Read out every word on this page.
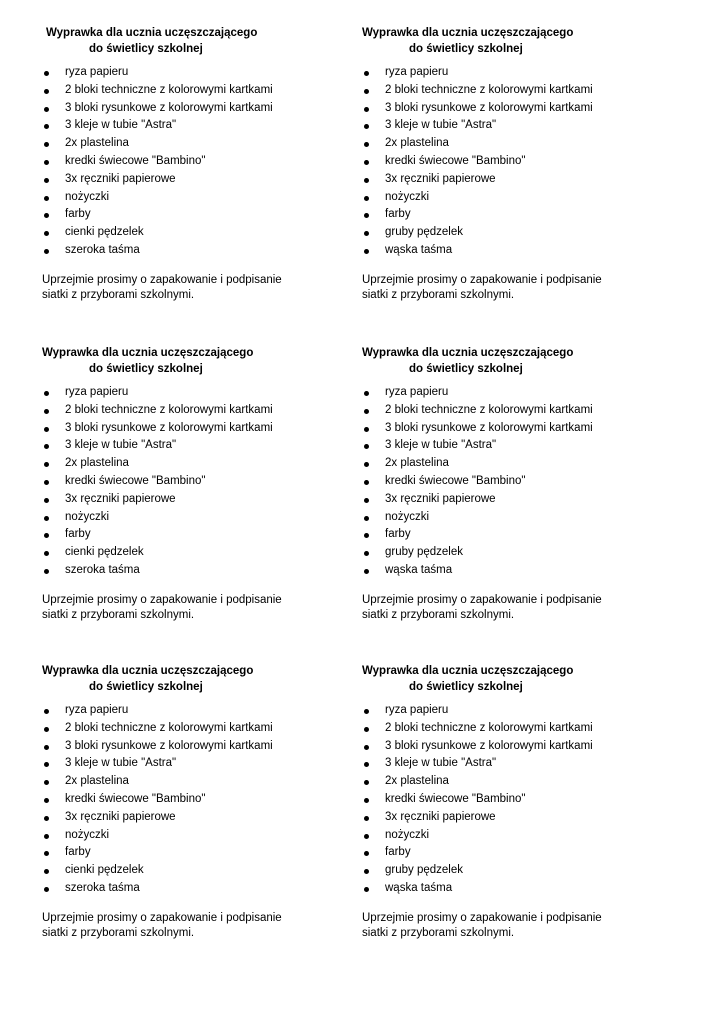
Wyprawka dla ucznia uczęszczającego
do świetlicy szkolnej

ryza papieru
2 bloki techniczne z kolorowymi kartkami
3 bloki rysunkowe z kolorowymi kartkami
3 kleje w tubie "Astra"
2x plastelina
kredki świecowe "Bambino"
3x ręczniki papierowe
nożyczki
farby
cienki pędzelek
szeroka taśma

Uprzejmie prosimy o zapakowanie i podpisanie
siatki z przyborami szkolnymi.

Wyprawka dla ucznia uczęszczającego
do świetlicy szkolnej

ryza papieru
2 bloki techniczne z kolorowymi kartkami
3 bloki rysunkowe z kolorowymi kartkami
3 kleje w tubie "Astra"
2x plastelina
kredki świecowe "Bambino"
3x ręczniki papierowe
nożyczki
farby
gruby pędzelek
wąska taśma

Uprzejmie prosimy o zapakowanie i podpisanie
siatki z przyborami szkolnymi.

Wyprawka dla ucznia uczęszczającego
do świetlicy szkolnej

ryza papieru
2 bloki techniczne z kolorowymi kartkami
3 bloki rysunkowe z kolorowymi kartkami
3 kleje w tubie "Astra"
2x plastelina
kredki świecowe "Bambino"
3x ręczniki papierowe
nożyczki
farby
cienki pędzelek
szeroka taśma

Uprzejmie prosimy o zapakowanie i podpisanie
siatki z przyborami szkolnymi.

Wyprawka dla ucznia uczęszczającego
do świetlicy szkolnej

ryza papieru
2 bloki techniczne z kolorowymi kartkami
3 bloki rysunkowe z kolorowymi kartkami
3 kleje w tubie "Astra"
2x plastelina
kredki świecowe "Bambino"
3x ręczniki papierowe
nożyczki
farby
gruby pędzelek
wąska taśma

Uprzejmie prosimy o zapakowanie i podpisanie
siatki z przyborami szkolnymi.

Wyprawka dla ucznia uczęszczającego
do świetlicy szkolnej

ryza papieru
2 bloki techniczne z kolorowymi kartkami
3 bloki rysunkowe z kolorowymi kartkami
3 kleje w tubie "Astra"
2x plastelina
kredki świecowe "Bambino"
3x ręczniki papierowe
nożyczki
farby
cienki pędzelek
szeroka taśma

Uprzejmie prosimy o zapakowanie i podpisanie
siatki z przyborami szkolnymi.

Wyprawka dla ucznia uczęszczającego
do świetlicy szkolnej

ryza papieru
2 bloki techniczne z kolorowymi kartkami
3 bloki rysunkowe z kolorowymi kartkami
3 kleje w tubie "Astra"
2x plastelina
kredki świecowe "Bambino"
3x ręczniki papierowe
nożyczki
farby
gruby pędzelek
wąska taśma

Uprzejmie prosimy o zapakowanie i podpisanie
siatki z przyborami szkolnymi.
